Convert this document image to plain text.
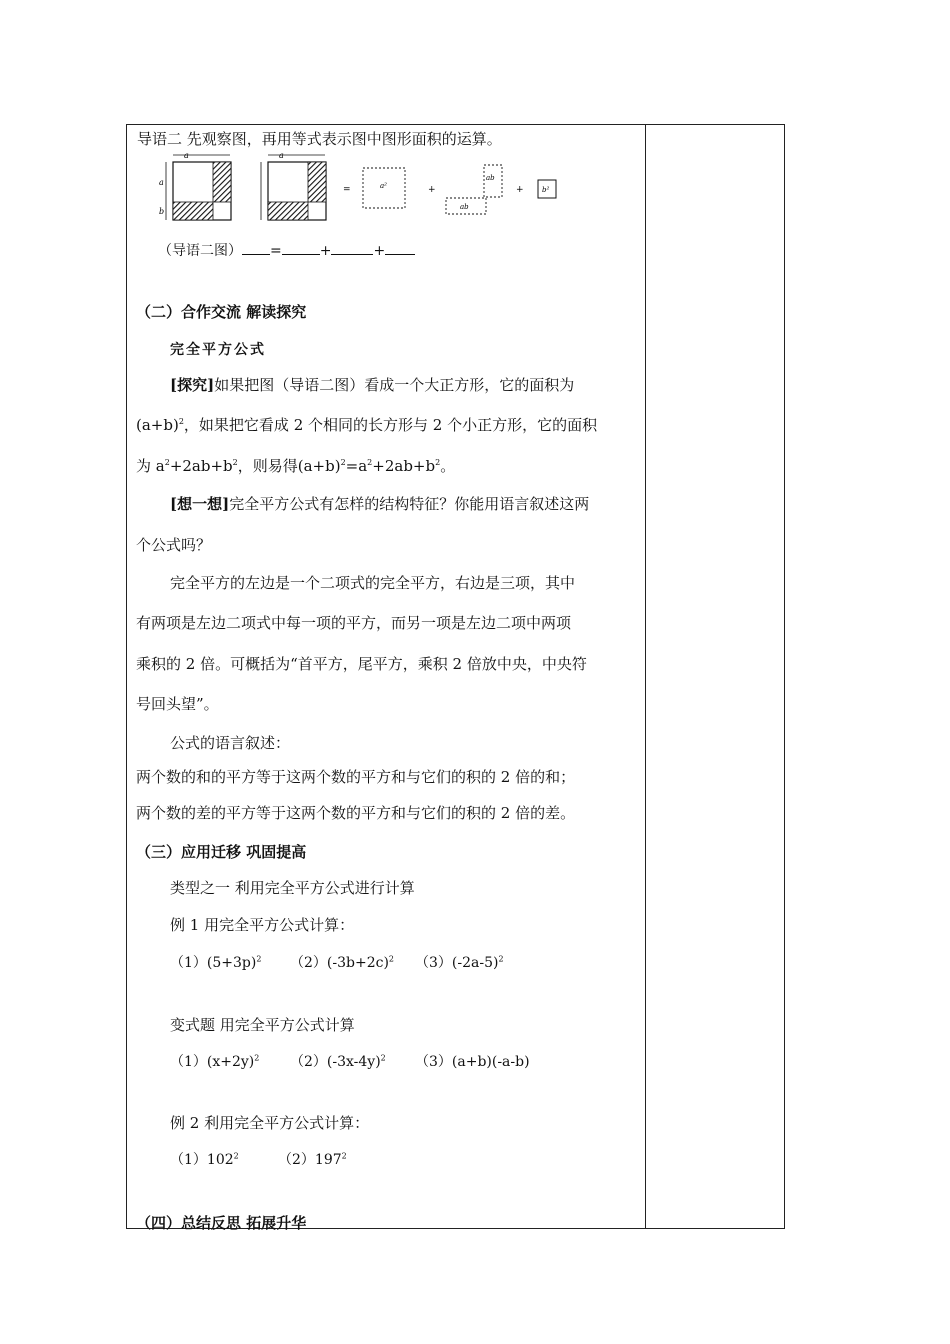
导语二 先观察图，再用等式表示图中图形面积的运算。
a
a
b
a
=	a²	+
ab
ab
+	b²
（导语二图） =	+	+
（二）合作交流 解读探究
完全平方公式
[探究]如果把图（导语二图）看成一个大正方形，它的面积为
$(a+b)^2$，如果把它看成 2 个相同的长方形与 2 个小正方形，它的面积
为 $a^2+2ab+b^2$，则易得$(a+b)^2=a^2+2ab+b^2$。
[想一想]完全平方公式有怎样的结构特征？你能用语言叙述这两
个公式吗？
完全平方的左边是一个二项式的完全平方，右边是三项，其中
有两项是左边二项式中每一项的平方，而另一项是左边二项中两项
乘积的 2 倍。可概括为“首平方，尾平方，乘积 2 倍放中央，中央符
号回头望”。
公式的语言叙述：
两个数的和的平方等于这两个数的平方和与它们的积的 2 倍的和；
两个数的差的平方等于这两个数的平方和与它们的积的 2 倍的差。
（三）应用迁移 巩固提高
类型之一 利用完全平方公式进行计算
例 1 用完全平方公式计算：
$(1)(5+3p)^2$ $(2)(-3b+2c)^2$ $(3)(-2a-5)^2$
变式题 用完全平方公式计算
$(1)(x+2y)^2$ $(2)(-3x-4y)^2$ （3）(a+b)(-a-b)
例 2 利用完全平方公式计算：
$(1)102^2$	$(2)197^2$
（四）总结反思 拓展升华
